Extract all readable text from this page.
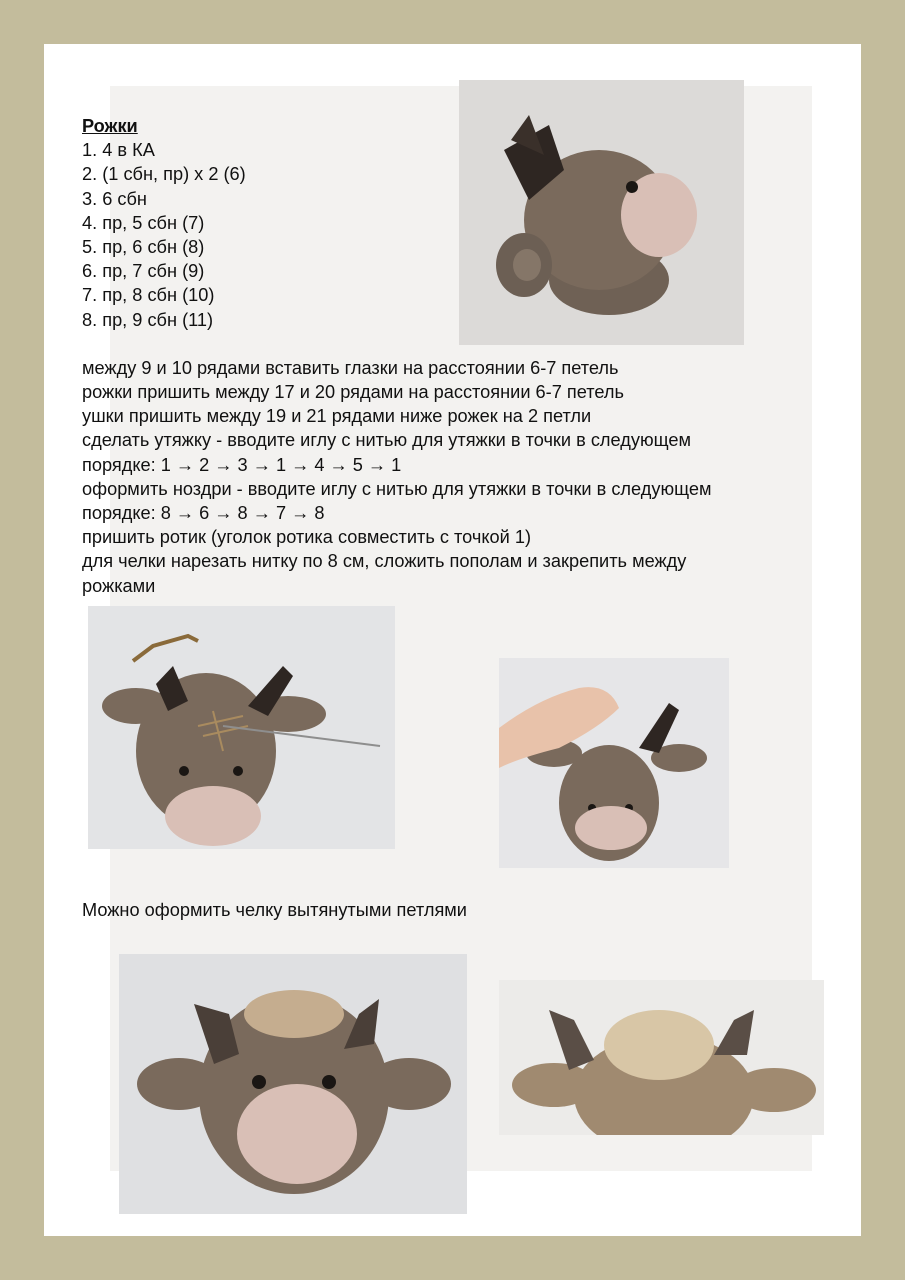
Рожки
1. 4 в КА
2. (1 сбн, пр) х 2 (6)
3. 6 сбн
4. пр, 5 сбн (7)
5. пр, 6 сбн (8)
6. пр, 7 сбн (9)
7. пр, 8 сбн (10)
8. пр, 9 сбн (11)
между 9 и 10 рядами вставить глазки на расстоянии 6-7 петель
рожки пришить между 17 и 20 рядами на расстоянии 6-7 петель
ушки пришить между 19 и 21 рядами ниже рожек на 2 петли
сделать утяжку - вводите иглу с нитью для утяжки в точки в следующем
порядке: 1 → 2 → 3 → 1 → 4 → 5 → 1
оформить ноздри - вводите иглу с нитью для утяжки в точки в следующем
порядке: 8 → 6 → 8 → 7 → 8
пришить ротик (уголок ротика совместить с точкой 1)
для челки нарезать нитку по 8 см, сложить пополам и закрепить между
рожками
Можно оформить челку вытянутыми петлями
